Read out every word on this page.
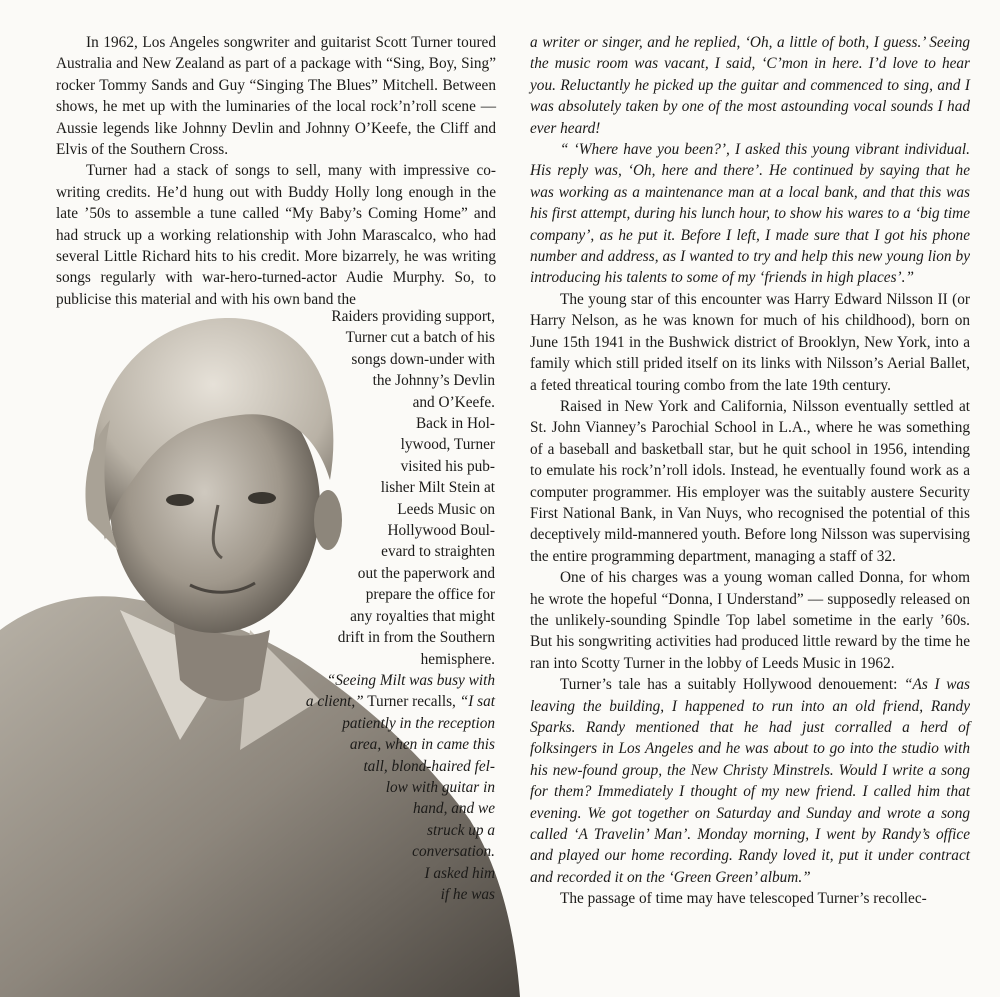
In 1962, Los Angeles songwriter and guitarist Scott Turner toured Australia and New Zealand as part of a package with “Sing, Boy, Sing” rocker Tommy Sands and Guy “Singing The Blues” Mitchell. Between shows, he met up with the luminaries of the local rock’n’roll scene — Aussie legends like Johnny Devlin and Johnny O’Keefe, the Cliff and Elvis of the Southern Cross.

Turner had a stack of songs to sell, many with impressive co-writing credits. He’d hung out with Buddy Holly long enough in the late ’50s to assemble a tune called “My Baby’s Coming Home” and had struck up a working relationship with John Marascalco, who had several Little Richard hits to his credit. More bizarrely, he was writing songs regularly with war-hero-turned-actor Audie Murphy. So, to publicise this material and with his own band the

Raiders providing support,
Turner cut a batch of his
songs down-under with
the Johnny’s Devlin
and O’Keefe.
Back in Hol-
lywood, Turner
visited his pub-
lisher Milt Stein at
Leeds Music on
Hollywood Boul-
evard to straighten
out the paperwork and
prepare the office for
any royalties that might
drift in from the Southern
hemisphere.
“Seeing Milt was busy with
a client,” Turner recalls, “I sat
patiently in the reception
area, when in came this
tall, blond-haired fel-
low with guitar in
hand, and we
struck up a
conversation.
I asked him
if he was

a writer or singer, and he replied, ‘Oh, a little of both, I guess.’ Seeing the music room was vacant, I said, ‘C’mon in here. I’d love to hear you. Reluctantly he picked up the guitar and commenced to sing, and I was absolutely taken by one of the most astounding vocal sounds I had ever heard!

“ ‘Where have you been?’, I asked this young vibrant individual. His reply was, ‘Oh, here and there’. He continued by saying that he was working as a maintenance man at a local bank, and that this was his first attempt, during his lunch hour, to show his wares to a ‘big time company’, as he put it. Before I left, I made sure that I got his phone number and address, as I wanted to try and help this new young lion by introducing his talents to some of my ‘friends in high places’.”

The young star of this encounter was Harry Edward Nilsson II (or Harry Nelson, as he was known for much of his childhood), born on June 15th 1941 in the Bushwick district of Brooklyn, New York, into a family which still prided itself on its links with Nilsson’s Aerial Ballet, a feted threatical touring combo from the late 19th century.

Raised in New York and California, Nilsson eventually settled at St. John Vianney’s Parochial School in L.A., where he was something of a baseball and basketball star, but he quit school in 1956, intending to emulate his rock’n’roll idols. Instead, he eventually found work as a computer programmer. His employer was the suitably austere Security First National Bank, in Van Nuys, who recognised the potential of this deceptively mild-mannered youth. Before long Nilsson was supervising the entire programming department, managing a staff of 32.

One of his charges was a young woman called Donna, for whom he wrote the hopeful “Donna, I Understand” — supposedly released on the unlikely-sounding Spindle Top label sometime in the early ’60s. But his songwriting activities had produced little reward by the time he ran into Scotty Turner in the lobby of Leeds Music in 1962.

Turner’s tale has a suitably Hollywood denouement: “As I was leaving the building, I happened to run into an old friend, Randy Sparks. Randy mentioned that he had just corralled a herd of folksingers in Los Angeles and he was about to go into the studio with his new-found group, the New Christy Minstrels. Would I write a song for them? Immediately I thought of my new friend. I called him that evening. We got together on Saturday and Sunday and wrote a song called ‘A Travelin’ Man’. Monday morning, I went by Randy’s office and played our home recording. Randy loved it, put it under contract and recorded it on the ‘Green Green’ album.”

The passage of time may have telescoped Turner’s recollec-
